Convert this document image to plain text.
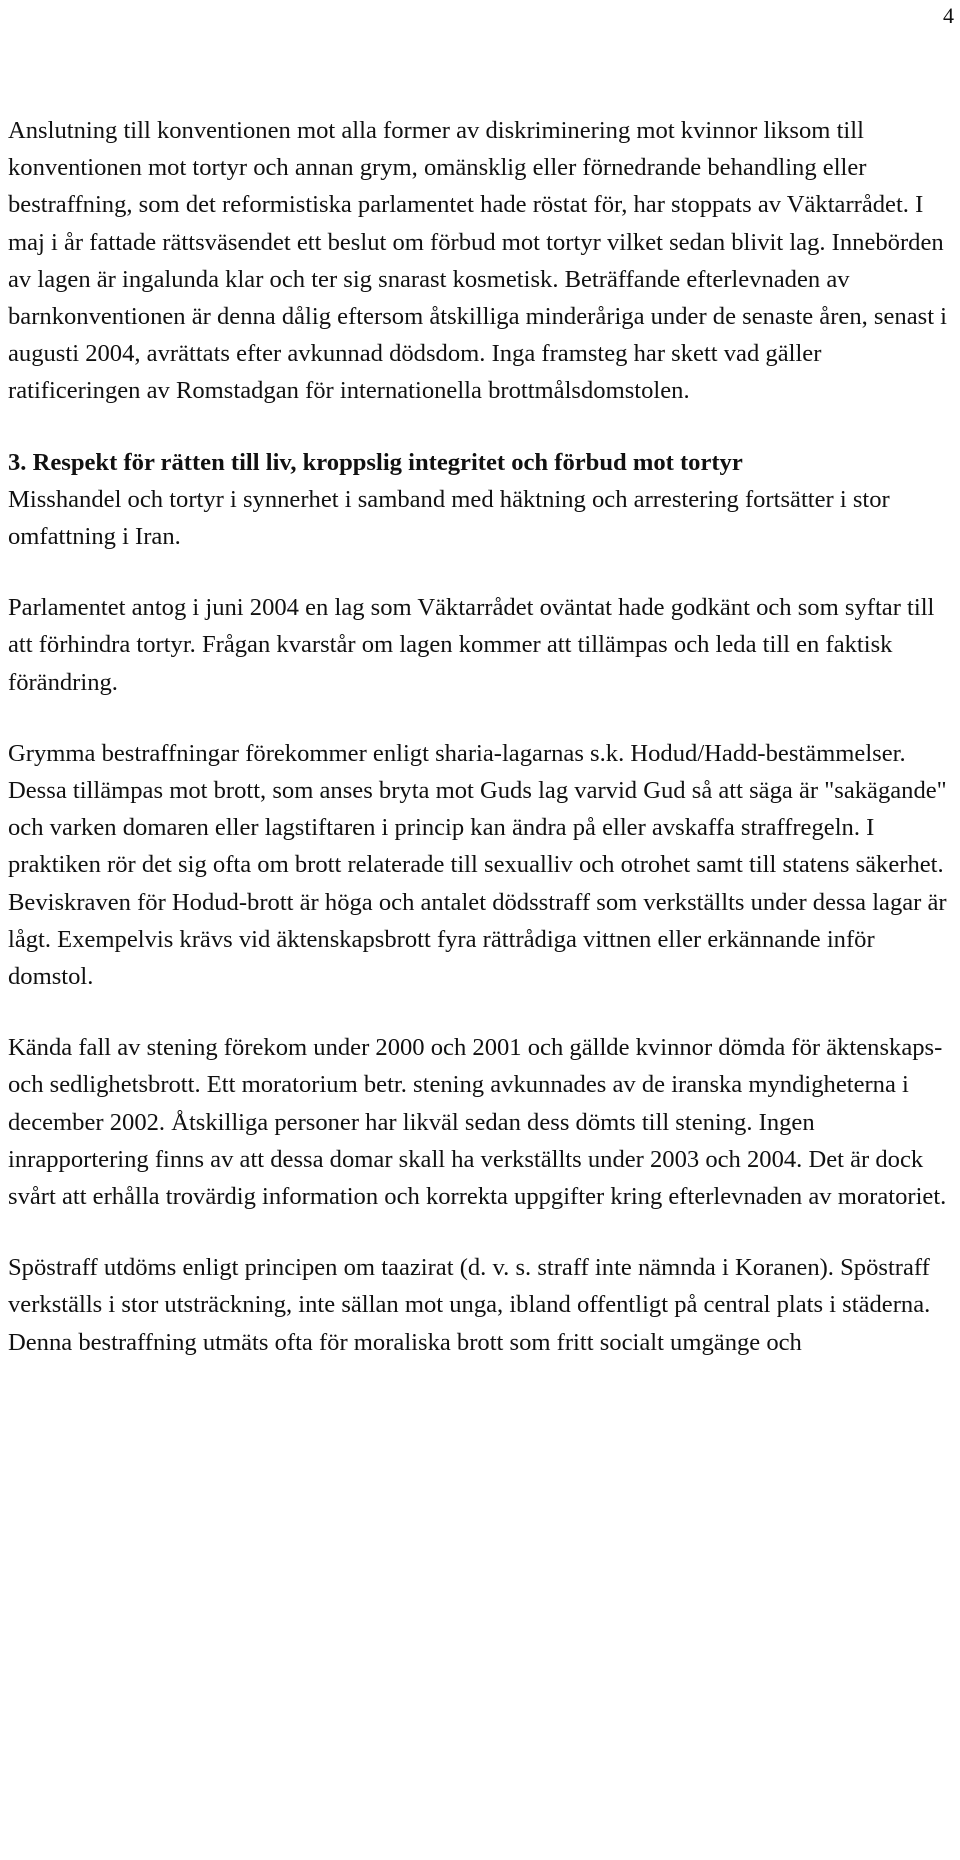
4

Anslutning till konventionen mot alla former av diskriminering mot kvinnor liksom till konventionen mot tortyr och annan grym, omänsklig eller förnedrande behandling eller bestraffning, som det reformistiska parlamentet hade röstat för, har stoppats av Väktarrådet. I maj i år fattade rättsväsendet ett beslut om förbud mot tortyr vilket sedan blivit lag. Innebörden av lagen är ingalunda klar och ter sig snarast kosmetisk. Beträffande efterlevnaden av barnkonventionen är denna dålig eftersom åtskilliga minderåriga under de senaste åren, senast i augusti 2004, avrättats efter avkunnad dödsdom. Inga framsteg har skett vad gäller ratificeringen av Romstadgan för internationella brottmålsdomstolen.

3. Respekt för rätten till liv, kroppslig integritet och förbud mot tortyr

Misshandel och tortyr i synnerhet i samband med häktning och arrestering fortsätter i stor omfattning i Iran.

Parlamentet antog i juni 2004 en lag som Väktarrådet oväntat hade godkänt och som syftar till att förhindra tortyr. Frågan kvarstår om lagen kommer att tillämpas och leda till en faktisk förändring.

Grymma bestraffningar förekommer enligt sharia-lagarnas s.k. Hodud/Hadd-bestämmelser. Dessa tillämpas mot brott, som anses bryta mot Guds lag varvid Gud så att säga är "sakägande" och varken domaren eller lagstiftaren i princip kan ändra på eller avskaffa straffregeln. I praktiken rör det sig ofta om brott relaterade till sexualliv och otrohet samt till statens säkerhet. Beviskraven för Hodud-brott är höga och antalet dödsstraff som verkställts under dessa lagar är lågt. Exempelvis krävs vid äktenskapsbrott fyra rättrådiga vittnen eller erkännande inför domstol.

Kända fall av stening förekom under 2000 och 2001 och gällde kvinnor dömda för äktenskaps- och sedlighetsbrott. Ett moratorium betr. stening avkunnades av de iranska myndigheterna i december 2002. Åtskilliga personer har likväl sedan dess dömts till stening. Ingen inrapportering finns av att dessa domar skall ha verkställts under 2003 och 2004. Det är dock svårt att erhålla trovärdig information och korrekta uppgifter kring efterlevnaden av moratoriet.

Spöstraff utdöms enligt principen om taazirat (d. v. s. straff inte nämnda i Koranen). Spöstraff verkställs i stor utsträckning, inte sällan mot unga, ibland offentligt på central plats i städerna. Denna bestraffning utmäts ofta för moraliska brott som fritt socialt umgänge och
